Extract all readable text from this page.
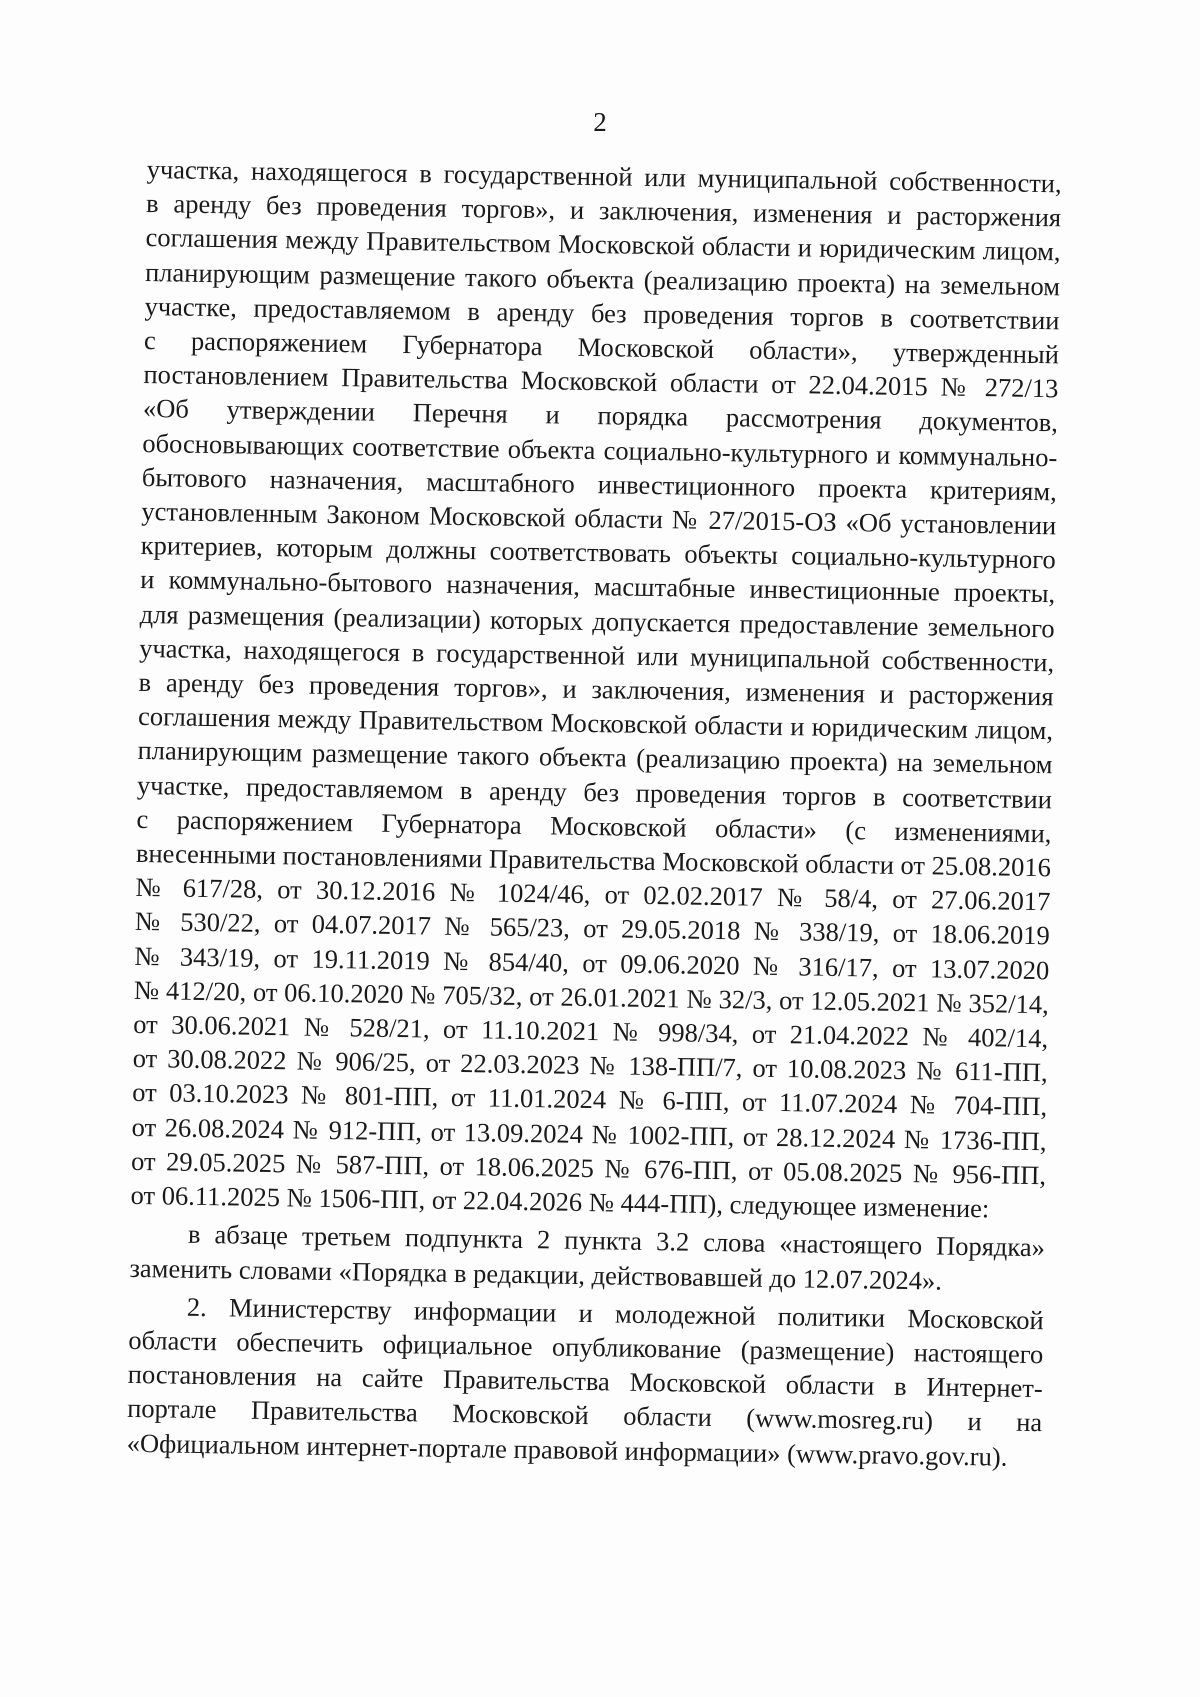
2
участка, находящегося в государственной или муниципальной собственности,
в аренду без проведения торгов», и заключения, изменения и расторжения
соглашения между Правительством Московской области и юридическим лицом,
планирующим размещение такого объекта (реализацию проекта) на земельном
участке, предоставляемом в аренду без проведения торгов в соответствии
с распоряжением Губернатора Московской области», утвержденный
постановлением Правительства Московской области от 22.04.2015 № 272/13
«Об утверждении Перечня и порядка рассмотрения документов,
обосновывающих соответствие объекта социально-культурного и коммунально-
бытового назначения, масштабного инвестиционного проекта критериям,
установленным Законом Московской области № 27/2015-ОЗ «Об установлении
критериев, которым должны соответствовать объекты социально-культурного
и коммунально-бытового назначения, масштабные инвестиционные проекты,
для размещения (реализации) которых допускается предоставление земельного
участка, находящегося в государственной или муниципальной собственности,
в аренду без проведения торгов», и заключения, изменения и расторжения
соглашения между Правительством Московской области и юридическим лицом,
планирующим размещение такого объекта (реализацию проекта) на земельном
участке, предоставляемом в аренду без проведения торгов в соответствии
с распоряжением Губернатора Московской области» (с изменениями,
внесенными постановлениями Правительства Московской области от 25.08.2016
№ 617/28, от 30.12.2016 № 1024/46, от 02.02.2017 № 58/4, от 27.06.2017
№ 530/22, от 04.07.2017 № 565/23, от 29.05.2018 № 338/19, от 18.06.2019
№ 343/19, от 19.11.2019 № 854/40, от 09.06.2020 № 316/17, от 13.07.2020
№ 412/20, от 06.10.2020 № 705/32, от 26.01.2021 № 32/3, от 12.05.2021 № 352/14,
от 30.06.2021 № 528/21, от 11.10.2021 № 998/34, от 21.04.2022 № 402/14,
от 30.08.2022 № 906/25, от 22.03.2023 № 138-ПП/7, от 10.08.2023 № 611-ПП,
от 03.10.2023 № 801-ПП, от 11.01.2024 № 6-ПП, от 11.07.2024 № 704-ПП,
от 26.08.2024 № 912-ПП, от 13.09.2024 № 1002-ПП, от 28.12.2024 № 1736-ПП,
от 29.05.2025 № 587-ПП, от 18.06.2025 № 676-ПП, от 05.08.2025 № 956-ПП,
от 06.11.2025 № 1506-ПП, от 22.04.2026 № 444-ПП), следующее изменение:
в абзаце третьем подпункта 2 пункта 3.2 слова «настоящего Порядка»
заменить словами «Порядка в редакции, действовавшей до 12.07.2024».
2. Министерству информации и молодежной политики Московской
области обеспечить официальное опубликование (размещение) настоящего
постановления на сайте Правительства Московской области в Интернет-
портале Правительства Московской области (www.mosreg.ru) и на
«Официальном интернет-портале правовой информации» (www.pravo.gov.ru).
